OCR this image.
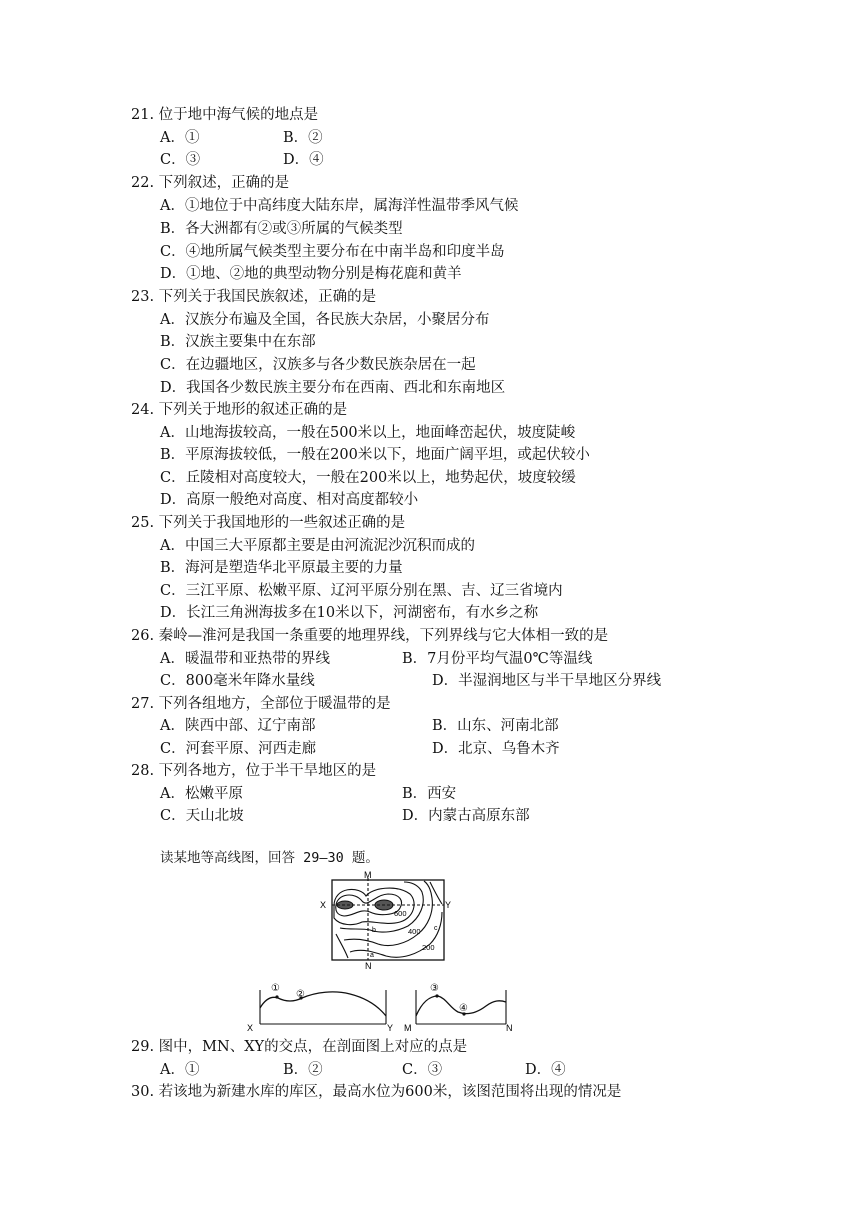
21. 位于地中海气候的地点是
A．①	B．②
C．③	D．④
22. 下列叙述，正确的是
A．①地位于中高纬度大陆东岸，属海洋性温带季风气候
B．各大洲都有②或③所属的气候类型
C．④地所属气候类型主要分布在中南半岛和印度半岛
D．①地、②地的典型动物分别是梅花鹿和黄羊
23. 下列关于我国民族叙述，正确的是
A．汉族分布遍及全国，各民族大杂居，小聚居分布
B．汉族主要集中在东部
C．在边疆地区，汉族多与各少数民族杂居在一起
D．我国各少数民族主要分布在西南、西北和东南地区
24. 下列关于地形的叙述正确的是
A．山地海拔较高，一般在500米以上，地面峰峦起伏，坡度陡峻
B．平原海拔较低，一般在200米以下，地面广阔平坦，或起伏较小
C．丘陵相对高度较大，一般在200米以上，地势起伏，坡度较缓
D．高原一般绝对高度、相对高度都较小
25. 下列关于我国地形的一些叙述正确的是
A．中国三大平原都主要是由河流泥沙沉积而成的
B．海河是塑造华北平原最主要的力量
C．三江平原、松嫩平原、辽河平原分别在黑、吉、辽三省境内
D．长江三角洲海拔多在10米以下，河湖密布，有水乡之称
26. 秦岭—淮河是我国一条重要的地理界线，下列界线与它大体相一致的是
A．暖温带和亚热带的界线	B．7月份平均气温0℃等温线
C．800毫米年降水量线	D．半湿润地区与半干旱地区分界线
27. 下列各组地方，全部位于暖温带的是
A．陕西中部、辽宁南部	B．山东、河南北部
C．河套平原、河西走廊	D．北京、乌鲁木齐
28. 下列各地方，位于半干旱地区的是
A．松嫩平原	B．西安
C．天山北坡	D．内蒙古高原东部
读某地等高线图，回答 29—30 题。
M
N
X	Y
600
400
200
a
b	c
①
②
X	Y
③
④
M	N
29. 图中，MN、XY的交点，在剖面图上对应的点是
A．①	B．②	C．③	D．④
30. 若该地为新建水库的库区，最高水位为600米，该图范围将出现的情况是
